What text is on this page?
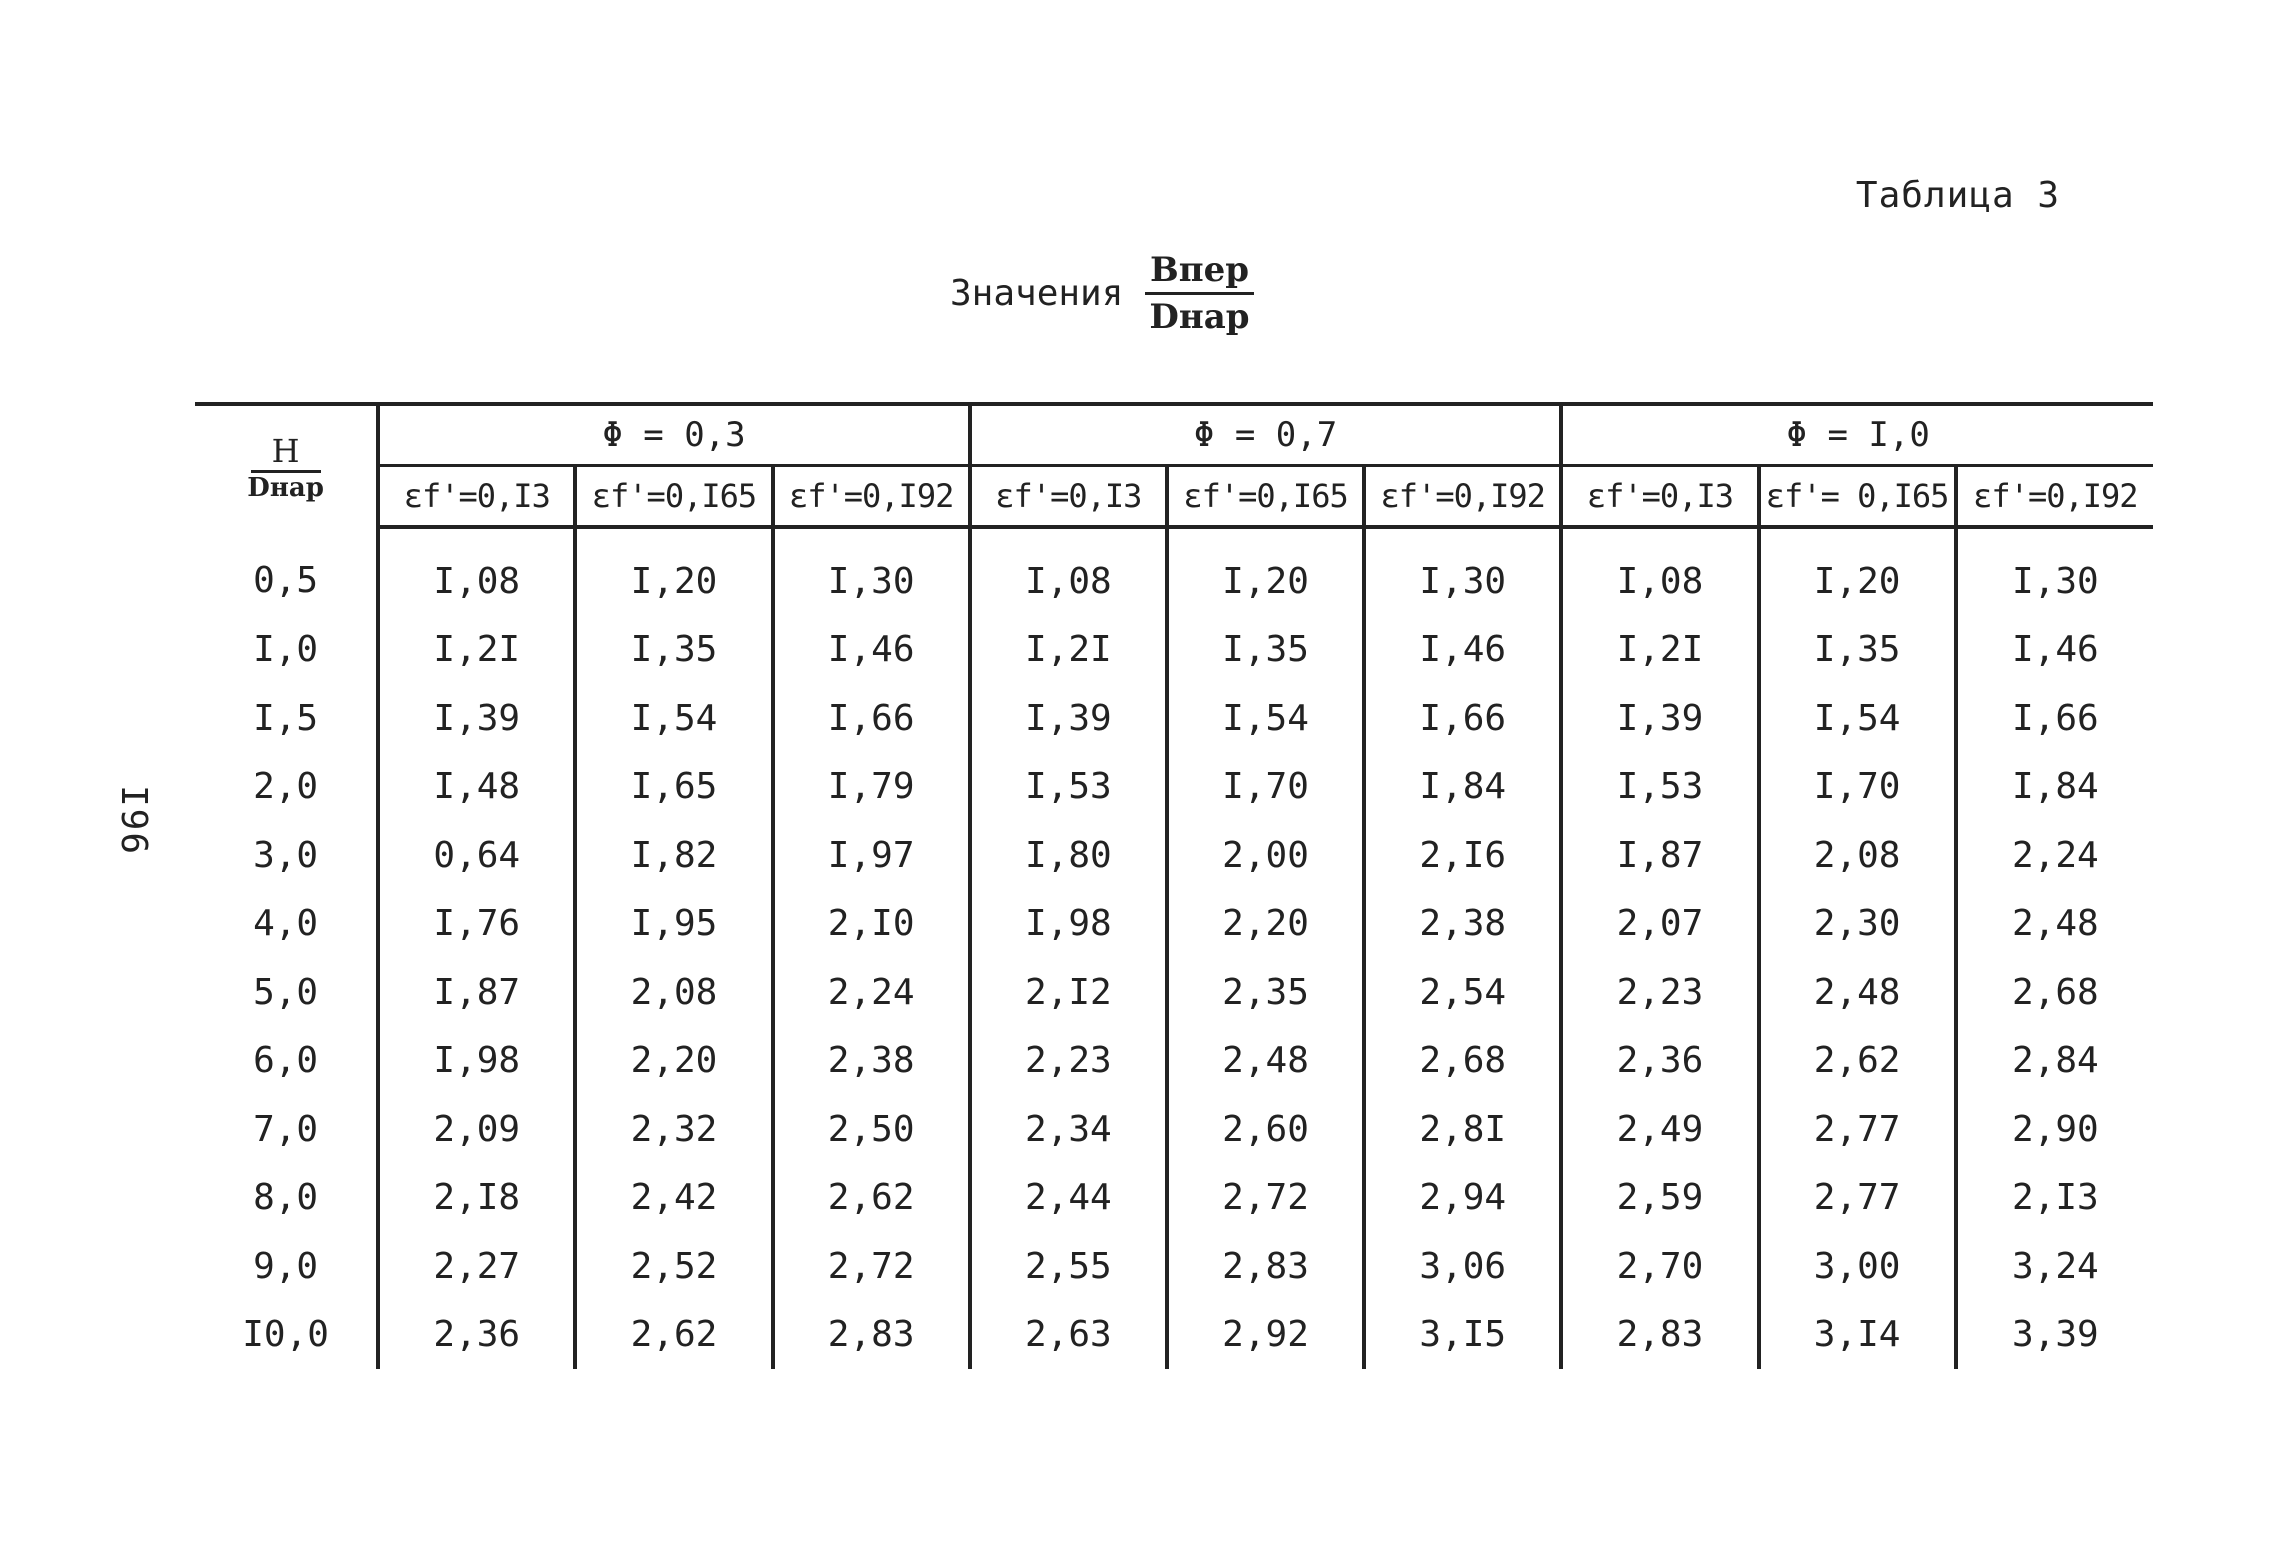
Таблица 3
Значения $\frac{\text{Bпер}}{\text{Dнар}}$
I96
$\frac{H}{\text{Dнар}}$	Φ = 0,3			Φ = 0,7			Φ = I,0		
	εf'=0,I3	εf'=0,I65	εf'=0,I92	εf'=0,I3	εf'=0,I65	εf'=0,I92	εf'=0,I3	εf'= 0,I65	εf'=0,I92
0,5	I,08	I,20	I,30	I,08	I,20	I,30	I,08	I,20	I,30
I,0	I,2I	I,35	I,46	I,2I	I,35	I,46	I,2I	I,35	I,46
I,5	I,39	I,54	I,66	I,39	I,54	I,66	I,39	I,54	I,66
2,0	I,48	I,65	I,79	I,53	I,70	I,84	I,53	I,70	I,84
3,0	0,64	I,82	I,97	I,80	2,00	2,I6	I,87	2,08	2,24
4,0	I,76	I,95	2,I0	I,98	2,20	2,38	2,07	2,30	2,48
5,0	I,87	2,08	2,24	2,I2	2,35	2,54	2,23	2,48	2,68
6,0	I,98	2,20	2,38	2,23	2,48	2,68	2,36	2,62	2,84
7,0	2,09	2,32	2,50	2,34	2,60	2,8I	2,49	2,77	2,90
8,0	2,I8	2,42	2,62	2,44	2,72	2,94	2,59	2,77	2,I3
9,0	2,27	2,52	2,72	2,55	2,83	3,06	2,70	3,00	3,24
I0,0	2,36	2,62	2,83	2,63	2,92	3,I5	2,83	3,I4	3,39
